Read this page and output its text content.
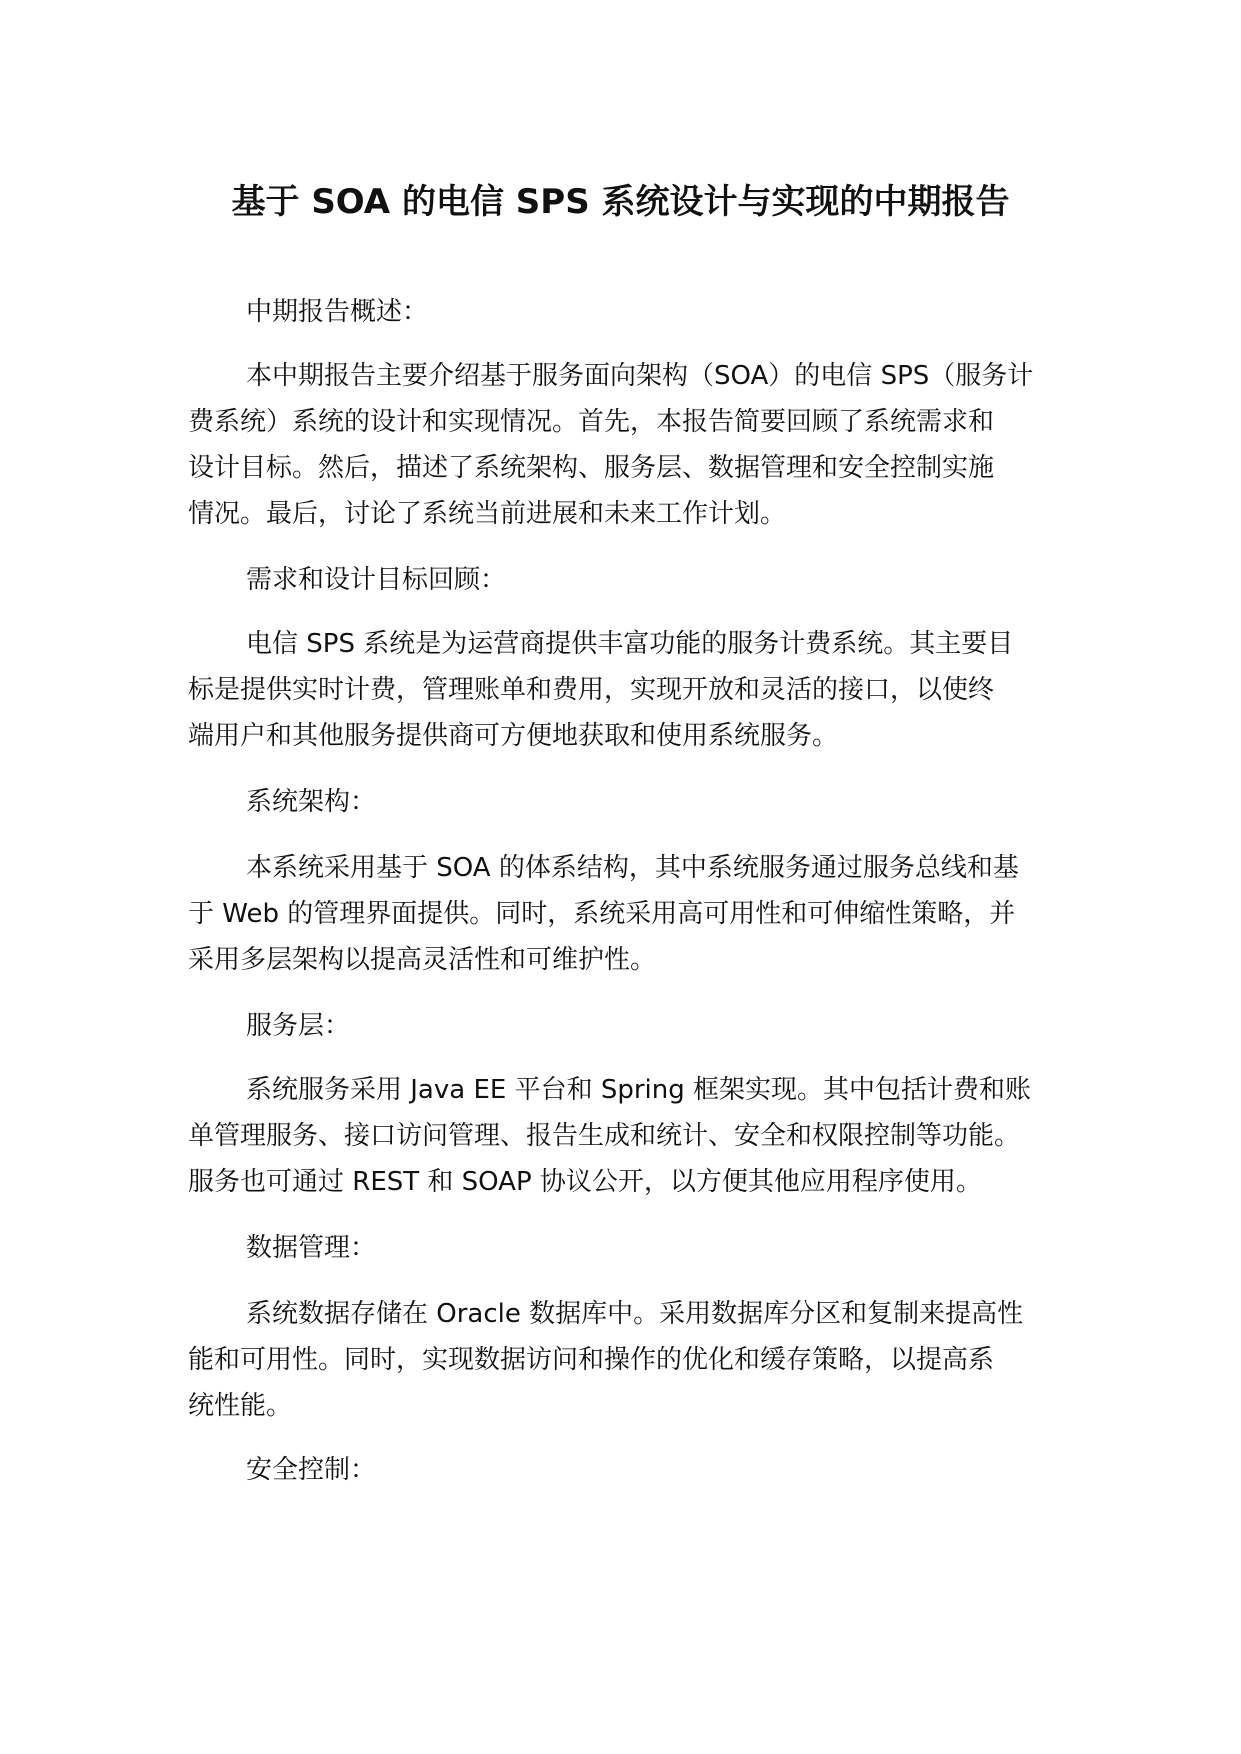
基于 SOA 的电信 SPS 系统设计与实现的中期报告
中期报告概述：
本中期报告主要介绍基于服务面向架构（SOA）的电信 SPS（服务计
费系统）系统的设计和实现情况。首先，本报告简要回顾了系统需求和
设计目标。然后，描述了系统架构、服务层、数据管理和安全控制实施
情况。最后，讨论了系统当前进展和未来工作计划。
需求和设计目标回顾：
电信 SPS 系统是为运营商提供丰富功能的服务计费系统。其主要目
标是提供实时计费，管理账单和费用，实现开放和灵活的接口，以使终
端用户和其他服务提供商可方便地获取和使用系统服务。
系统架构：
本系统采用基于 SOA 的体系结构，其中系统服务通过服务总线和基
于 Web 的管理界面提供。同时，系统采用高可用性和可伸缩性策略，并
采用多层架构以提高灵活性和可维护性。
服务层：
系统服务采用 Java EE 平台和 Spring 框架实现。其中包括计费和账
单管理服务、接口访问管理、报告生成和统计、安全和权限控制等功能。
服务也可通过 REST 和 SOAP 协议公开，以方便其他应用程序使用。
数据管理：
系统数据存储在 Oracle 数据库中。采用数据库分区和复制来提高性
能和可用性。同时，实现数据访问和操作的优化和缓存策略，以提高系
统性能。
安全控制：
